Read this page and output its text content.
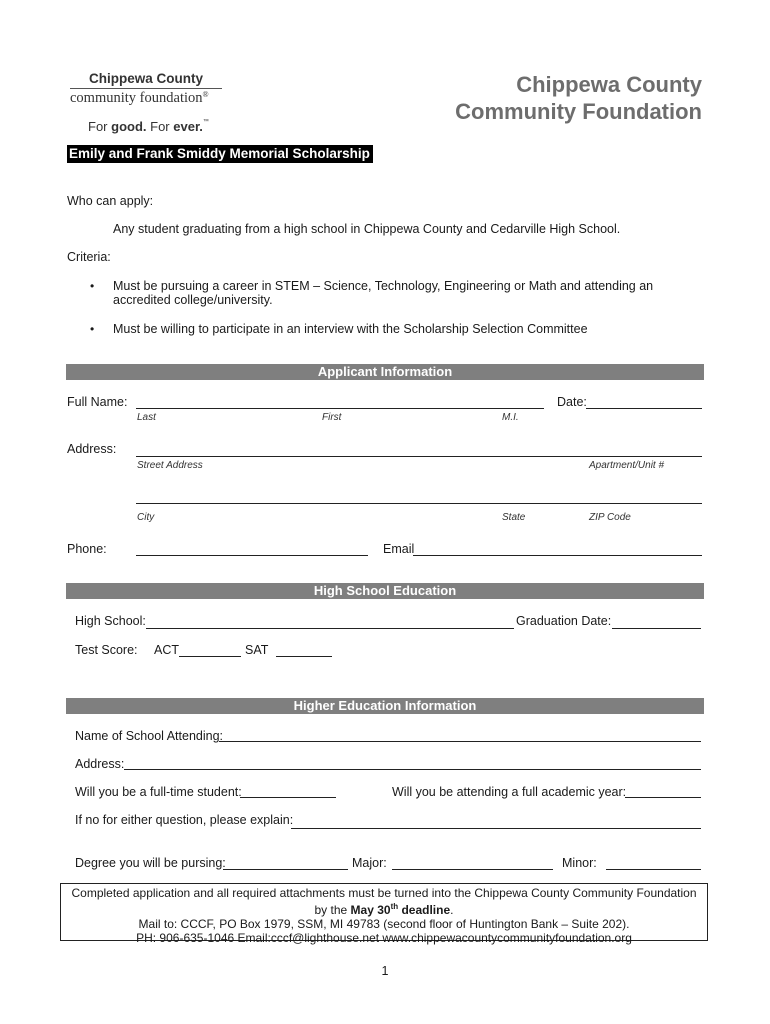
Chippewa County
community foundation®
For good. For ever.™
Chippewa County
Community Foundation
Emily and Frank Smiddy Memorial Scholarship
Who can apply:
Any student graduating from a high school in Chippewa County and Cedarville High School.
Criteria:
• Must be pursuing a career in STEM – Science, Technology, Engineering or Math and attending an
accredited college/university.
• Must be willing to participate in an interview with the Scholarship Selection Committee
Applicant Information
Full Name:	Date:
Last	First	M.I.
Address:
Street Address	Apartment/Unit #
City	State	ZIP Code
Phone:	Email
High School Education
High School:	Graduation Date:
Test Score: ACT	SAT
Higher Education Information
Name of School Attending:
Address:
Will you be a full-time student:	Will you be attending a full academic year:
If no for either question, please explain:
Degree you will be pursing:	Major:	Minor:
Completed application and all required attachments must be turned into the Chippewa County Community Foundation
by the May 30th deadline.
Mail to: CCCF, PO Box 1979, SSM, MI 49783 (second floor of Huntington Bank – Suite 202).
PH: 906-635-1046 Email:cccf@lighthouse.net www.chippewacountycommunityfoundation.org
1
